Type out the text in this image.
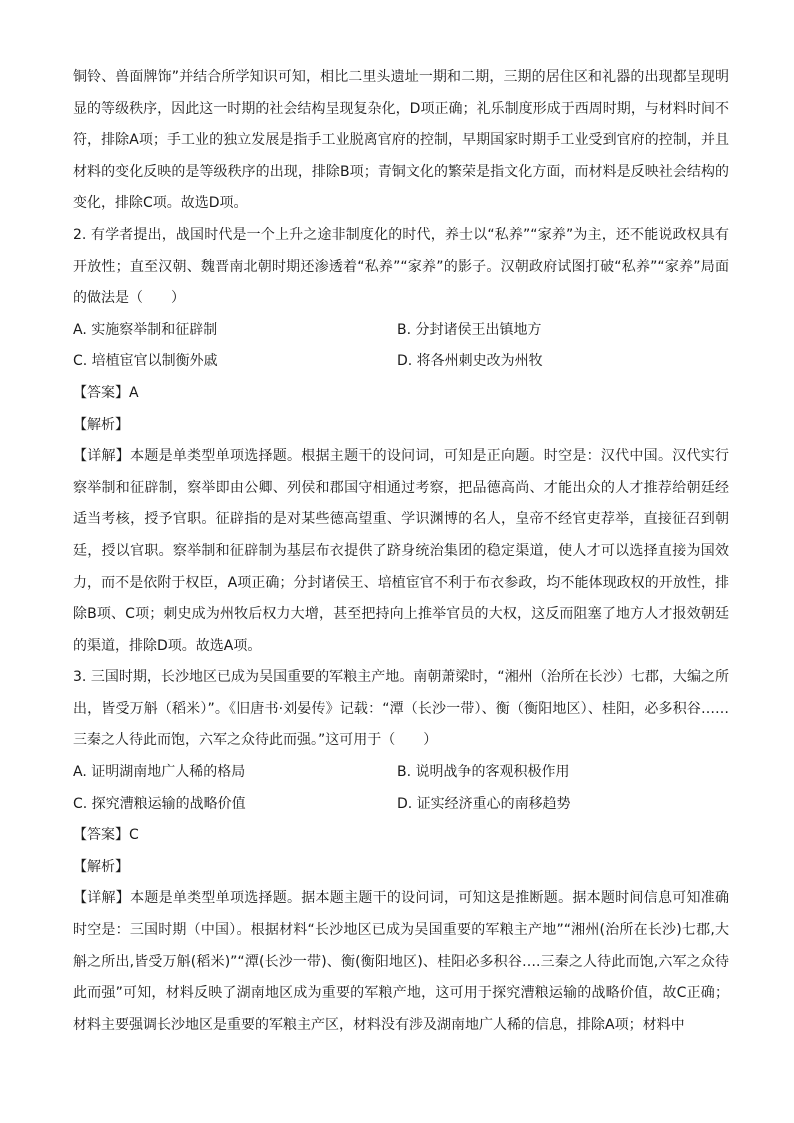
铜铃、兽面牌饰”并结合所学知识可知，相比二里头遗址一期和二期，三期的居住区和礼器的出现都呈现明显的等级秩序，因此这一时期的社会结构呈现复杂化，D项正确；礼乐制度形成于西周时期，与材料时间不符，排除A项；手工业的独立发展是指手工业脱离官府的控制，早期国家时期手工业受到官府的控制，并且材料的变化反映的是等级秩序的出现，排除B项；青铜文化的繁荣是指文化方面，而材料是反映社会结构的变化，排除C项。故选D项。

2. 有学者提出，战国时代是一个上升之途非制度化的时代，养士以“私养”“家养”为主，还不能说政权具有开放性；直至汉朝、魏晋南北朝时期还渗透着“私养”“家养”的影子。汉朝政府试图打破“私养”“家养”局面的做法是（　　）

A. 实施察举制和征辟制	B. 分封诸侯王出镇地方
C. 培植宦官以制衡外戚	D. 将各州刺史改为州牧

【答案】A

【解析】

【详解】本题是单类型单项选择题。根据主题干的设问词，可知是正向题。时空是：汉代中国。汉代实行察举制和征辟制，察举即由公卿、列侯和郡国守相通过考察，把品德高尚、才能出众的人才推荐给朝廷经适当考核，授予官职。征辟指的是对某些德高望重、学识渊博的名人，皇帝不经官吏荐举，直接征召到朝廷，授以官职。察举制和征辟制为基层布衣提供了跻身统治集团的稳定渠道，使人才可以选择直接为国效力，而不是依附于权臣，A项正确；分封诸侯王、培植宦官不利于布衣参政，均不能体现政权的开放性，排除B项、C项；刺史成为州牧后权力大增，甚至把持向上推举官员的大权，这反而阻塞了地方人才报效朝廷的渠道，排除D项。故选A项。

3. 三国时期，长沙地区已成为吴国重要的军粮主产地。南朝萧梁时，“湘州（治所在长沙）七郡，大编之所出，皆受万斛（稻米）”。《旧唐书·刘晏传》记载：“潭（长沙一带）、衡（衡阳地区）、桂阳，必多积谷……三秦之人待此而饱，六军之众待此而强。”这可用于（　　）

A. 证明湖南地广人稀的格局	B. 说明战争的客观积极作用
C. 探究漕粮运输的战略价值	D. 证实经济重心的南移趋势

【答案】C

【解析】

【详解】本题是单类型单项选择题。据本题主题干的设问词，可知这是推断题。据本题时间信息可知准确时空是：三国时期（中国）。根据材料“长沙地区已成为吴国重要的军粮主产地”“湘州(治所在长沙)七郡,大斛之所出,皆受万斛(稻米)”“潭(长沙一带)、衡(衡阳地区)、桂阳必多积谷….三秦之人待此而饱,六军之众待此而强”可知，材料反映了湖南地区成为重要的军粮产地，这可用于探究漕粮运输的战略价值，故C正确；材料主要强调长沙地区是重要的军粮主产区，材料没有涉及湖南地广人稀的信息，排除A项；材料中
